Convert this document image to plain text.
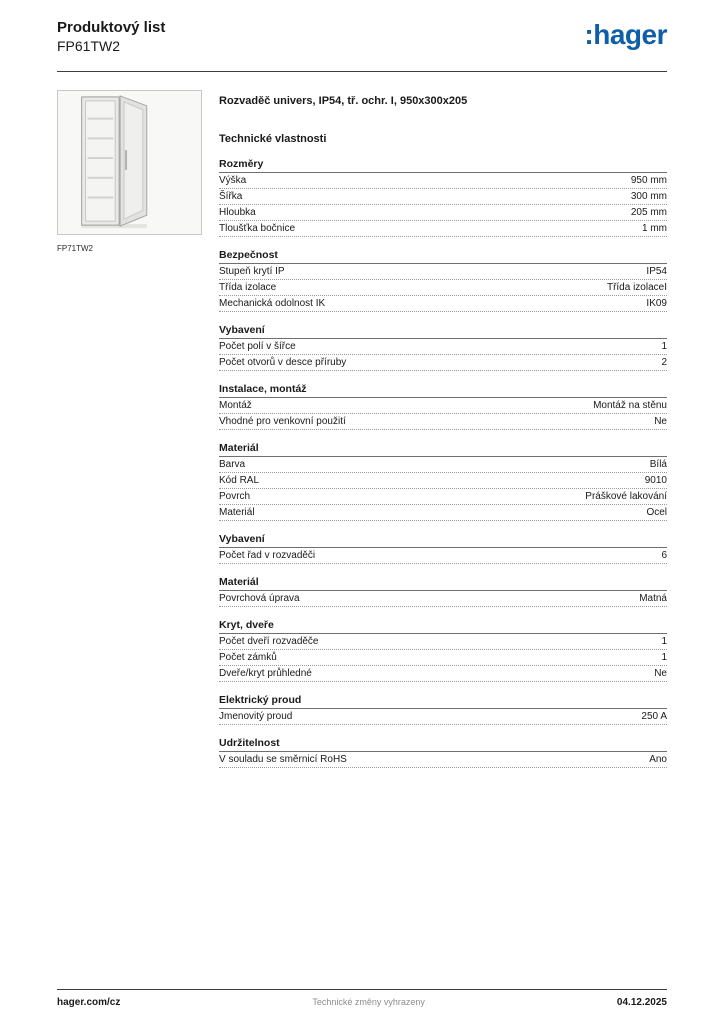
Produktový list
FP61TW2	:hager
FP71TW2
Rozvaděč univers, IP54, tř. ochr. I, 950x300x205
Technické vlastnosti
Rozměry
Výška	950 mm
Šířka	300 mm
Hloubka	205 mm
Tloušťka bočnice	1 mm
Bezpečnost
Stupeň krytí IP	IP54
Třída izolace	Třída izolaceI
Mechanická odolnost IK	IK09
Vybavení
Počet polí v šířce	1
Počet otvorů v desce příruby	2
Instalace, montáž
Montáž	Montáž na stěnu
Vhodné pro venkovní použití	Ne
Materiál
Barva	Bílá
Kód RAL	9010
Povrch	Práškové lakování
Materiál	Ocel
Vybavení
Počet řad v rozvaděči	6
Materiál
Povrchová úprava	Matná
Kryt, dveře
Počet dveří rozvaděče	1
Počet zámků	1
Dveře/kryt průhledné	Ne
Elektrický proud
Jmenovitý proud	250 A
Udržitelnost
V souladu se směrnicí RoHS	Ano
hager.com/cz	Technické změny vyhrazeny	04.12.2025
